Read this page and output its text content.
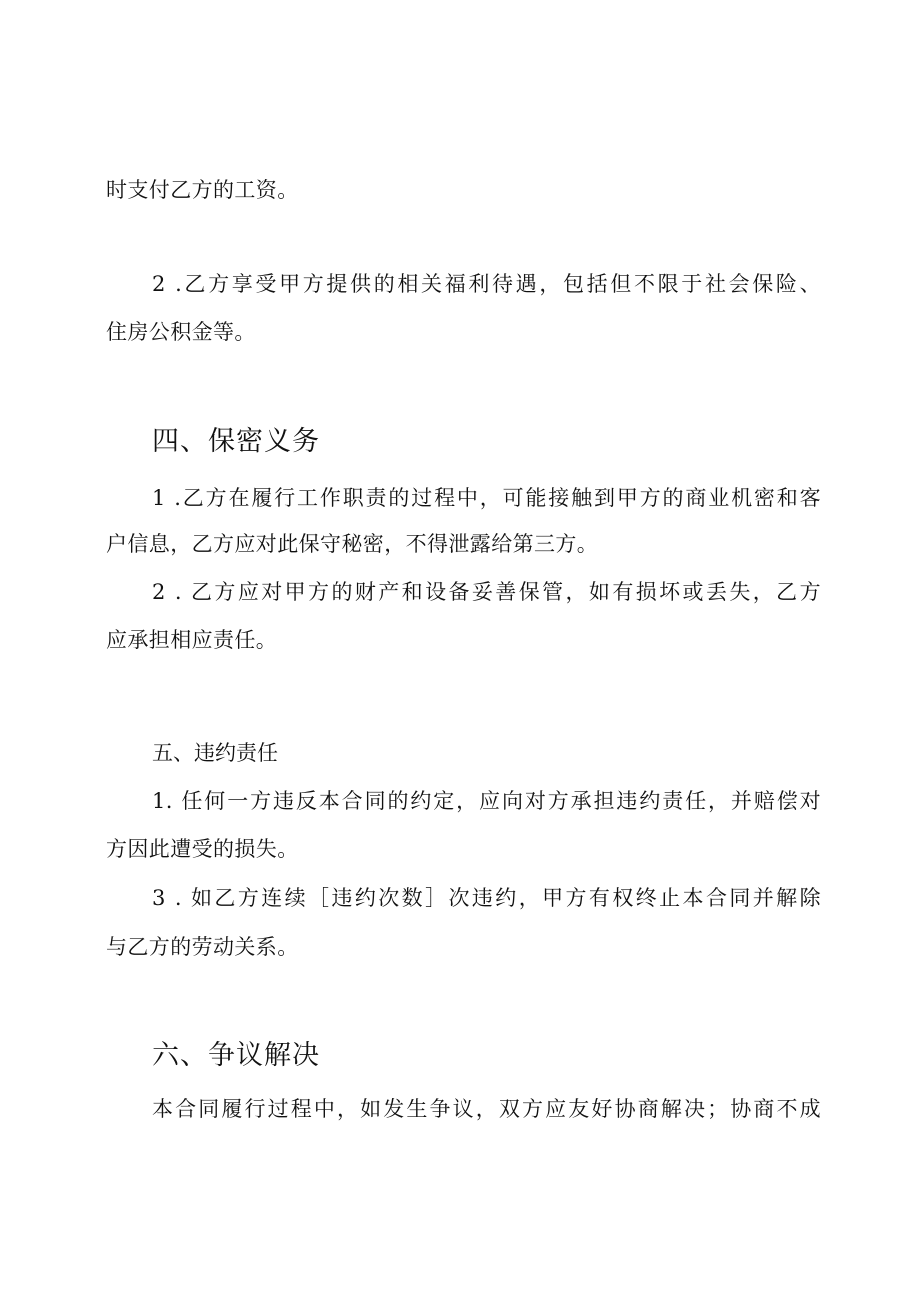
时支付乙方的工资。
2 .乙方享受甲方提供的相关福利待遇，包括但不限于社会保险、
住房公积金等。
四、保密义务
1 .乙方在履行工作职责的过程中，可能接触到甲方的商业机密和客
户信息，乙方应对此保守秘密，不得泄露给第三方。
2 . 乙方应对甲方的财产和设备妥善保管，如有损坏或丢失，乙方
应承担相应责任。
五、违约责任
1. 任何一方违反本合同的约定，应向对方承担违约责任，并赔偿对
方因此遭受的损失。
3 . 如乙方连续［违约次数］次违约，甲方有权终止本合同并解除
与乙方的劳动关系。
六、争议解决
本合同履行过程中，如发生争议，双方应友好协商解决；协商不成
